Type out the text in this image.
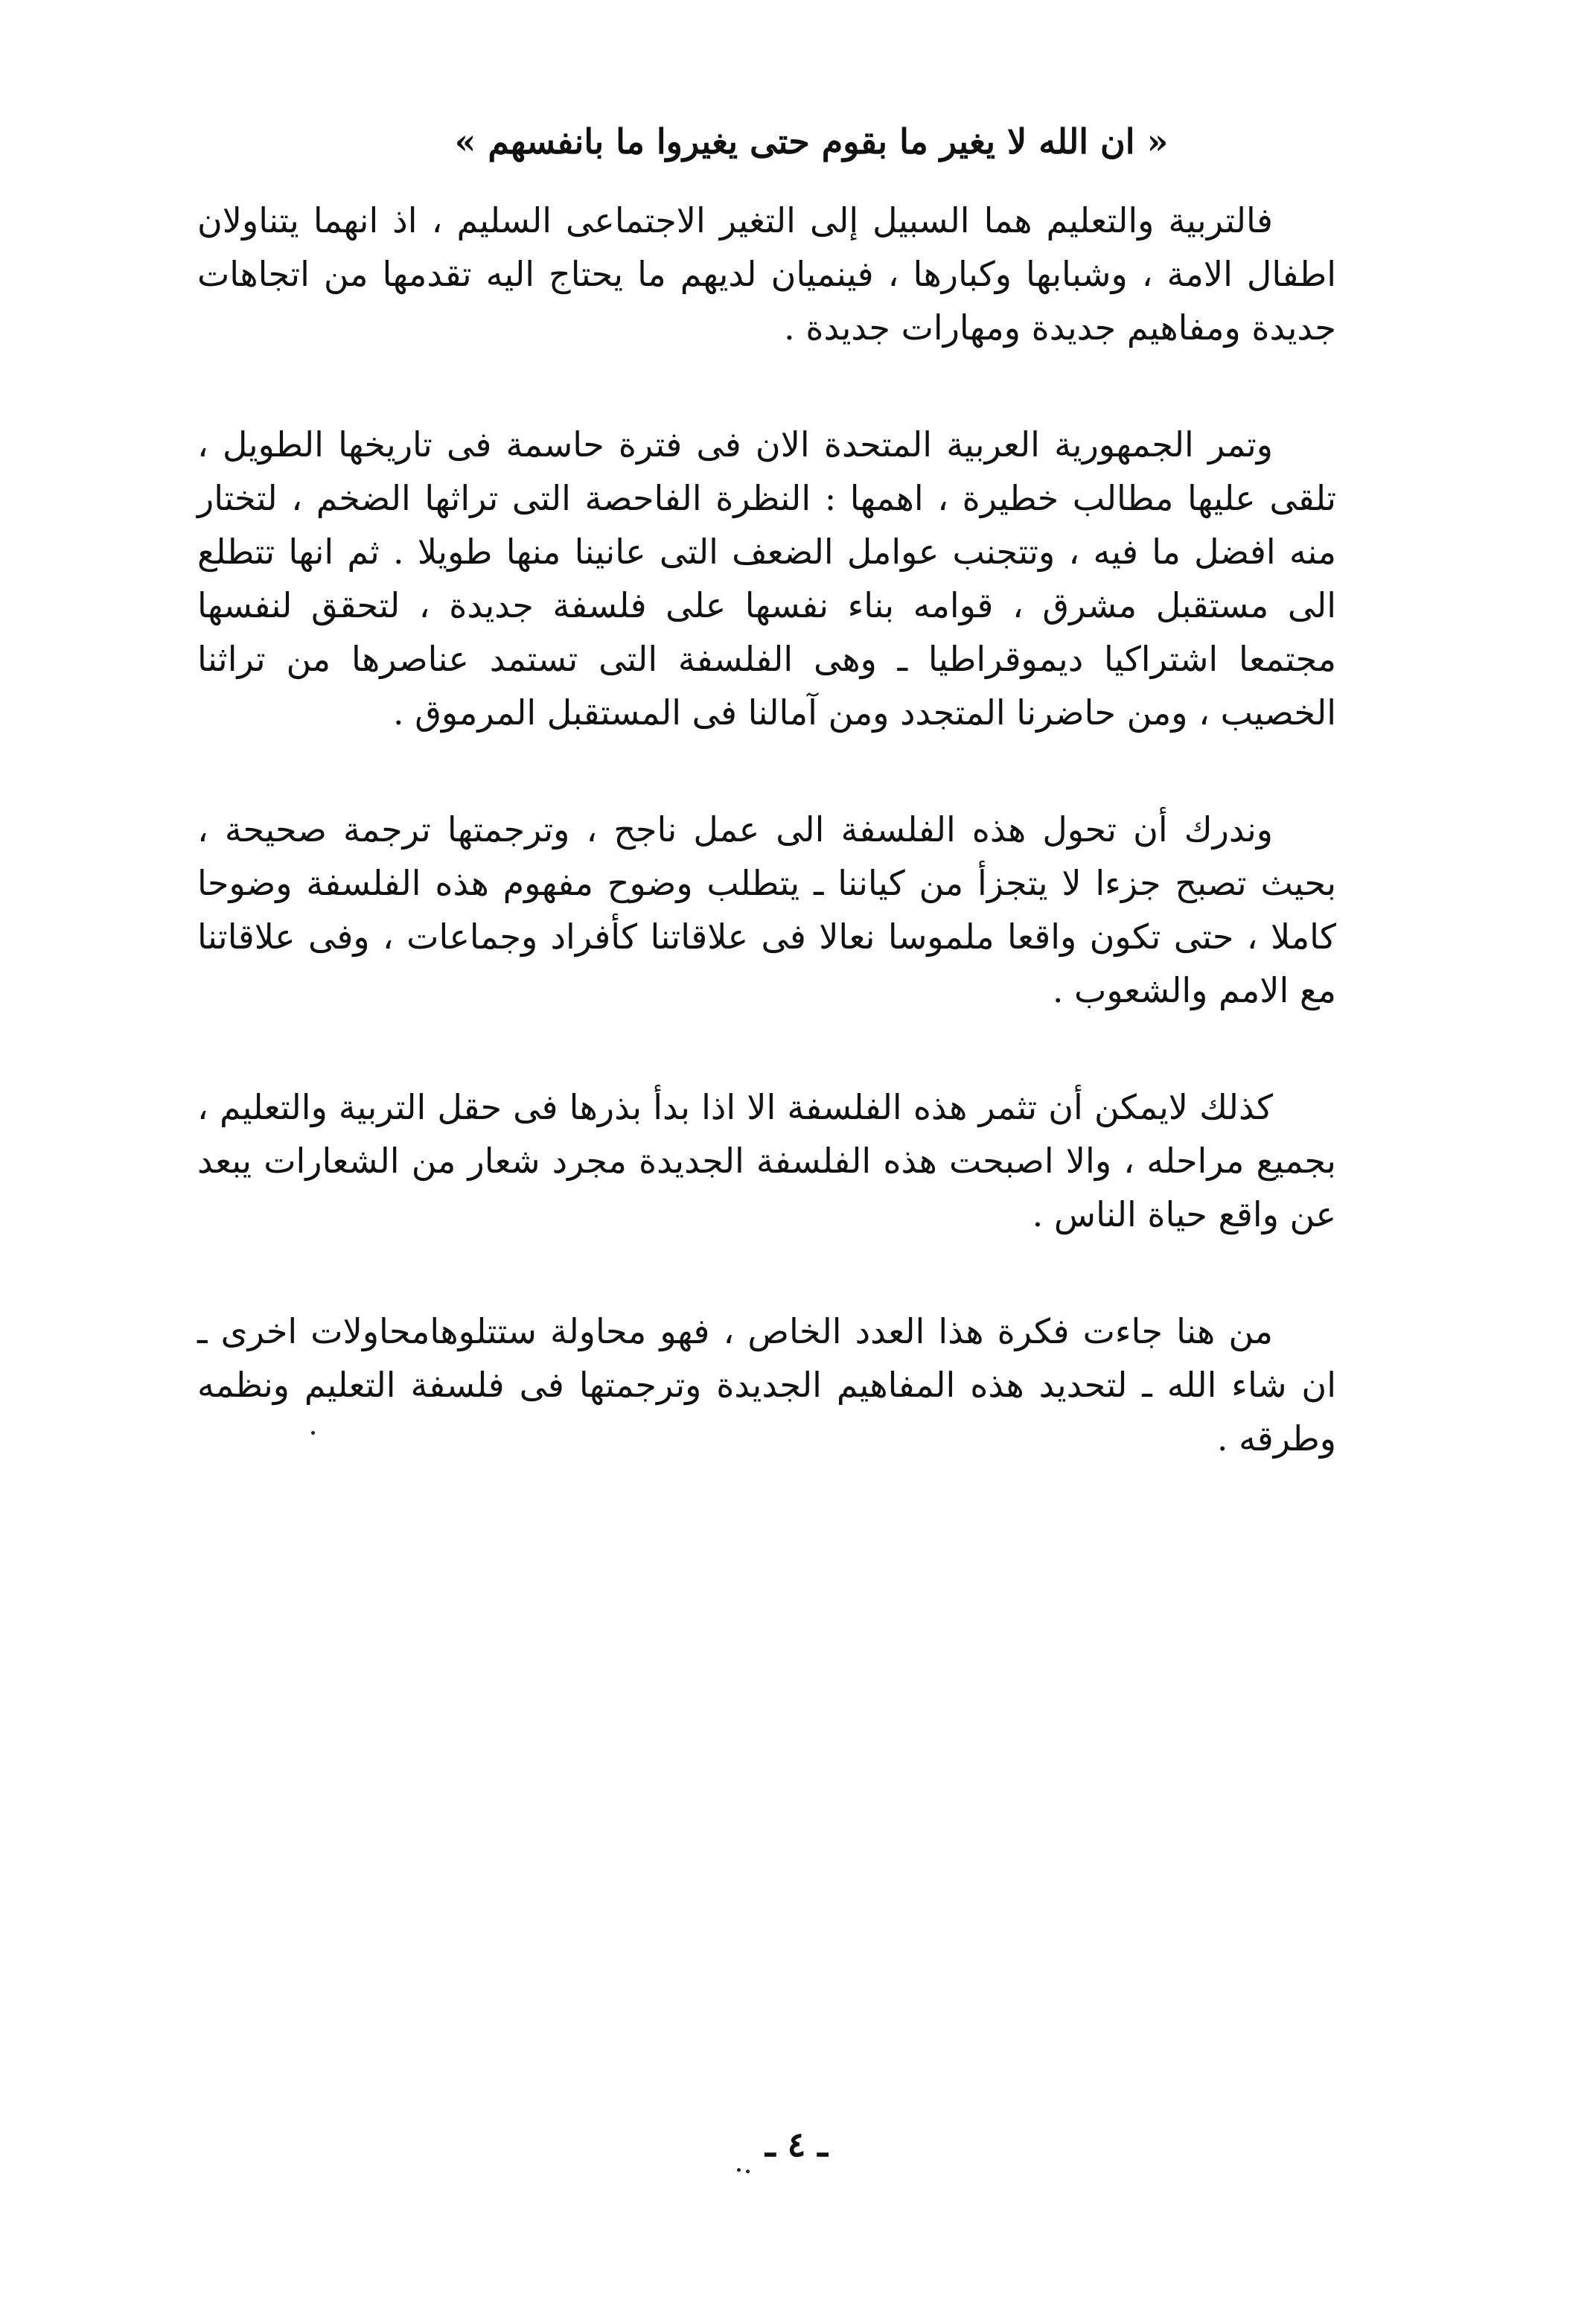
« ان الله لا يغير ما بقوم حتى يغيروا ما بانفسهم »

فالتربية والتعليم هما السبيل إلى التغير الاجتماعى السليم ، اذ انهما يتناولان اطفال الامة ، وشبابها وكبارها ، فينميان لديهم ما يحتاج اليه تقدمها من اتجاهات جديدة ومفاهيم جديدة ومهارات جديدة .

وتمر الجمهورية العربية المتحدة الان فى فترة حاسمة فى تاريخها الطويل ، تلقى عليها مطالب خطيرة ، اهمها : النظرة الفاحصة التى تراثها الضخم ، لتختار منه افضل ما فيه ، وتتجنب عوامل الضعف التى عانينا منها طويلا . ثم انها تتطلع الى مستقبل مشرق ، قوامه بناء نفسها على فلسفة جديدة ، لتحقق لنفسها مجتمعا اشتراكيا ديموقراطيا ـ وهى الفلسفة التى تستمد عناصرها من تراثنا الخصيب ، ومن حاضرنا المتجدد ومن آمالنا فى المستقبل المرموق .

وندرك أن تحول هذه الفلسفة الى عمل ناجح ، وترجمتها ترجمة صحيحة ، بحيث تصبح جزءا لا يتجزأ من كياننا ـ يتطلب وضوح مفهوم هذه الفلسفة وضوحا كاملا ، حتى تكون واقعا ملموسا نعالا فى علاقاتنا كأفراد وجماعات ، وفى علاقاتنا مع الامم والشعوب .

كذلك لايمكن أن تثمر هذه الفلسفة الا اذا بدأ بذرها فى حقل التربية والتعليم ، بجميع مراحله ، والا اصبحت هذه الفلسفة الجديدة مجرد شعار من الشعارات يبعد عن واقع حياة الناس .

من هنا جاءت فكرة هذا العدد الخاص ، فهو محاولة ستتلوهامحاولات اخرى ـ ان شاء الله ـ لتحديد هذه المفاهيم الجديدة وترجمتها فى فلسفة التعليم ونظمه وطرقه .

ـ ٤ ـ
